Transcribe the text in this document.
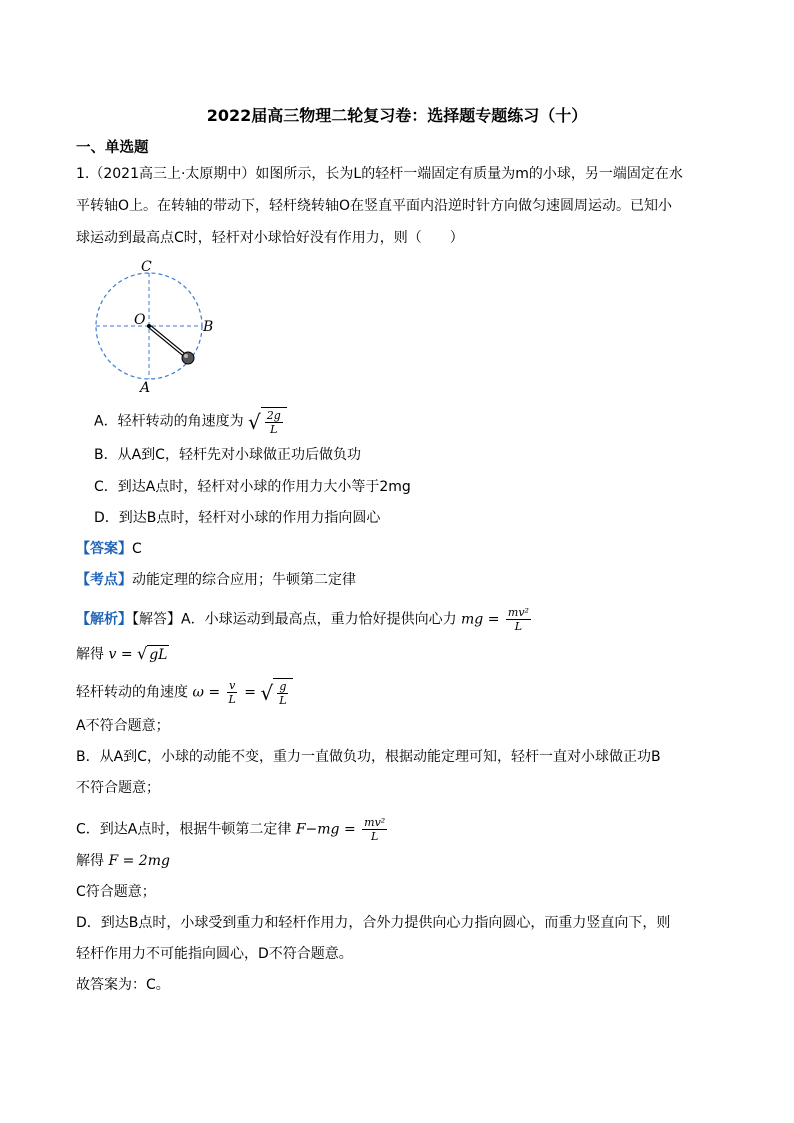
2022届高三物理二轮复习卷：选择题专题练习（十）
一、单选题
1.（2021高三上·太原期中）如图所示，长为L的轻杆一端固定有质量为m的小球，另一端固定在水
平转轴O上。在转轴的带动下，轻杆绕转轴O在竖直平面内沿逆时针方向做匀速圆周运动。已知小
球运动到最高点C时，轻杆对小球恰好没有作用力，则（　　）
C
O	B
A
A．轻杆转动的角速度为 √ $\frac{2g}{L}$
B．从A到C，轻杆先对小球做正功后做负功
C．到达A点时，轻杆对小球的作用力大小等于2mg
D．到达B点时，轻杆对小球的作用力指向圆心
【答案】C
【考点】动能定理的综合应用；牛顿第二定律
【解析】【解答】A．小球运动到最高点，重力恰好提供向心力 mg = $\frac{\text{mv²}}{L}$
解得 v = √ gL
轻杆转动的角速度 $\omega = \frac{v}{L}$ = √ $\frac{g}{L}$
A不符合题意；
B．从A到C，小球的动能不变，重力一直做负功，根据动能定理可知，轻杆一直对小球做正功B
不符合题意；
C．到达A点时，根据牛顿第二定律 $F-mg = \frac{\text{mv²}}{L}$
解得 F = 2mg
C符合题意；
D．到达B点时，小球受到重力和轻杆作用力，合外力提供向心力指向圆心，而重力竖直向下，则
轻杆作用力不可能指向圆心，D不符合题意。
故答案为：C。
